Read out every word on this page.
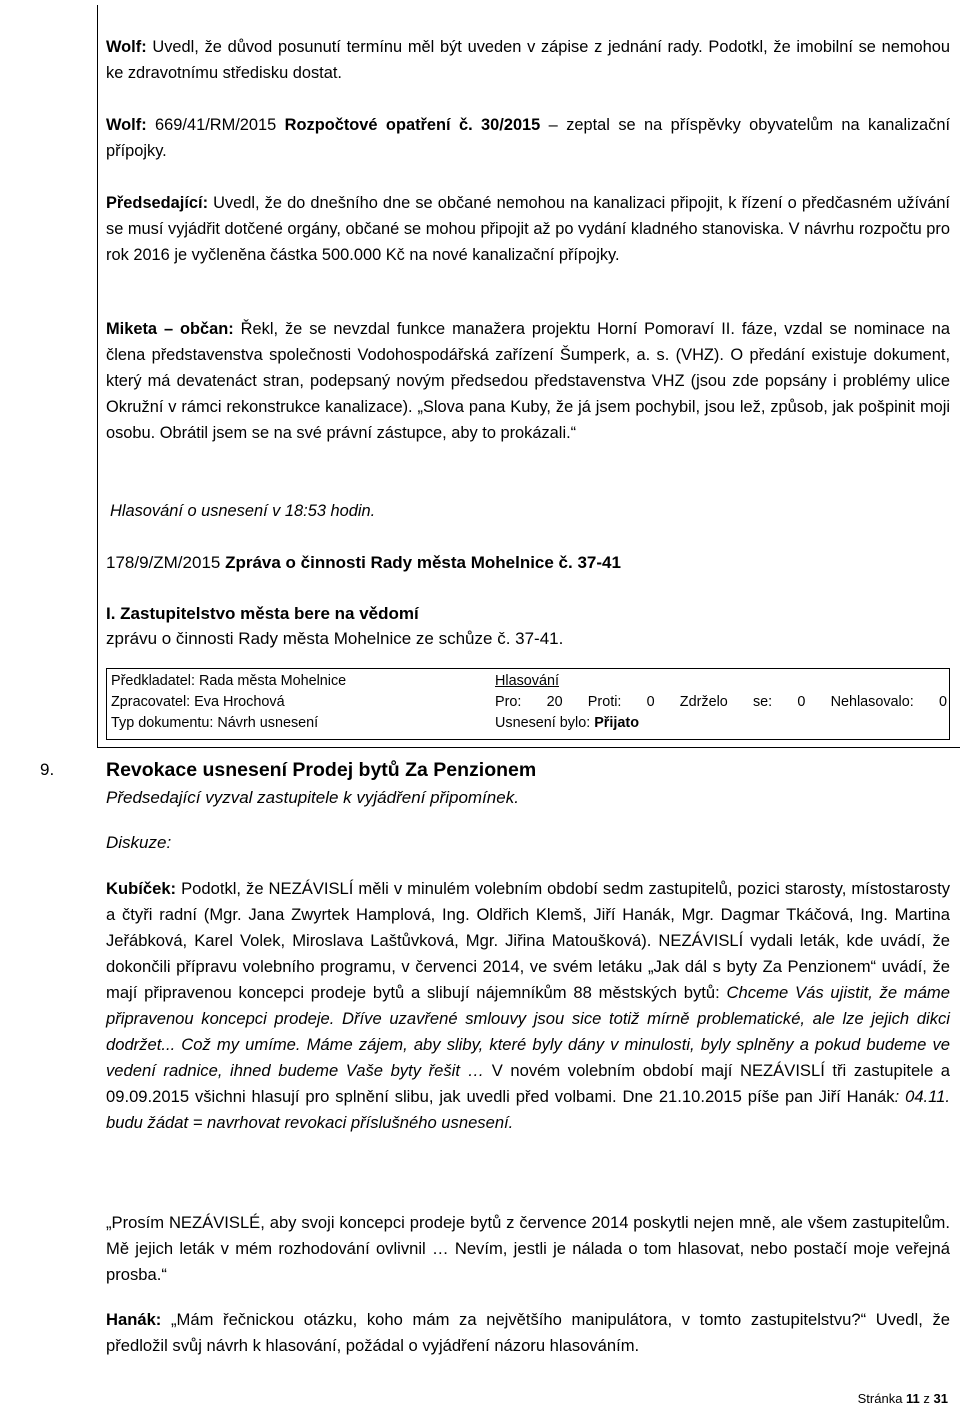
Wolf: Uvedl, že důvod posunutí termínu měl být uveden v zápise z jednání rady. Podotkl, že imobilní se nemohou ke zdravotnímu středisku dostat.

Wolf: 669/41/RM/2015 Rozpočtové opatření č. 30/2015 – zeptal se na příspěvky obyvatelům na kanalizační přípojky.

Předsedající: Uvedl, že do dnešního dne se občané nemohou na kanalizaci připojit, k řízení o předčasném užívání se musí vyjádřit dotčené orgány, občané se mohou připojit až po vydání kladného stanoviska. V návrhu rozpočtu pro rok 2016 je vyčleněna částka 500.000 Kč na nové kanalizační přípojky.

Miketa – občan: Řekl, že se nevzdal funkce manažera projektu Horní Pomoraví II. fáze, vzdal se nominace na člena představenstva společnosti Vodohospodářská zařízení Šumperk, a. s. (VHZ). O předání existuje dokument, který má devatenáct stran, podepsaný novým předsedou představenstva VHZ (jsou zde popsány i problémy ulice Okružní v rámci rekonstrukce kanalizace). „Slova pana Kuby, že já jsem pochybil, jsou lež, způsob, jak pošpinit moji osobu. Obrátil jsem se na své právní zástupce, aby to prokázali.“

Hlasování o usnesení v 18:53 hodin.

178/9/ZM/2015 Zpráva o činnosti Rady města Mohelnice č. 37-41

I. Zastupitelstvo města bere na vědomí

zprávu o činnosti Rady města Mohelnice ze schůze č. 37-41.

Předkladatel: Rada města Mohelnice
Zpracovatel: Eva Hrochová
Typ dokumentu: Návrh usnesení
Hlasování
Pro: 20 Proti: 0 Zdrželo se: 0 Nehlasovalo: 0
Usnesení bylo: Přijato
9.	Revokace usnesení Prodej bytů Za Penzionem

Předsedající vyzval zastupitele k vyjádření připomínek.

Diskuze:

Kubíček: Podotkl, že NEZÁVISLÍ měli v minulém volebním období sedm zastupitelů, pozici starosty, místostarosty a čtyři radní (Mgr. Jana Zwyrtek Hamplová, Ing. Oldřich Klemš, Jiří Hanák, Mgr. Dagmar Tkáčová, Ing. Martina Jeřábková, Karel Volek, Miroslava Laštůvková, Mgr. Jiřina Matoušková). NEZÁVISLÍ vydali leták, kde uvádí, že dokončili přípravu volebního programu, v červenci 2014, ve svém letáku „Jak dál s byty Za Penzionem“ uvádí, že mají připravenou koncepci prodeje bytů a slibují nájemníkům 88 městských bytů: Chceme Vás ujistit, že máme připravenou koncepci prodeje. Dříve uzavřené smlouvy jsou sice totiž mírně problematické, ale lze jejich dikci dodržet... Což my umíme. Máme zájem, aby sliby, které byly dány v minulosti, byly splněny a pokud budeme ve vedení radnice, ihned budeme Vaše byty řešit … V novém volebním období mají NEZÁVISLÍ tři zastupitele a 09.09.2015 všichni hlasují pro splnění slibu, jak uvedli před volbami. Dne 21.10.2015 píše pan Jiří Hanák: 04.11. budu žádat = navrhovat revokaci příslušného usnesení.

„Prosím NEZÁVISLÉ, aby svoji koncepci prodeje bytů z července 2014 poskytli nejen mně, ale všem zastupitelům. Mě jejich leták v mém rozhodování ovlivnil … Nevím, jestli je nálada o tom hlasovat, nebo postačí moje veřejná prosba.“

Hanák: „Mám řečnickou otázku, koho mám za největšího manipulátora, v tomto zastupitelstvu?“ Uvedl, že předložil svůj návrh k hlasování, požádal o vyjádření názoru hlasováním.

Stránka 11 z 31
